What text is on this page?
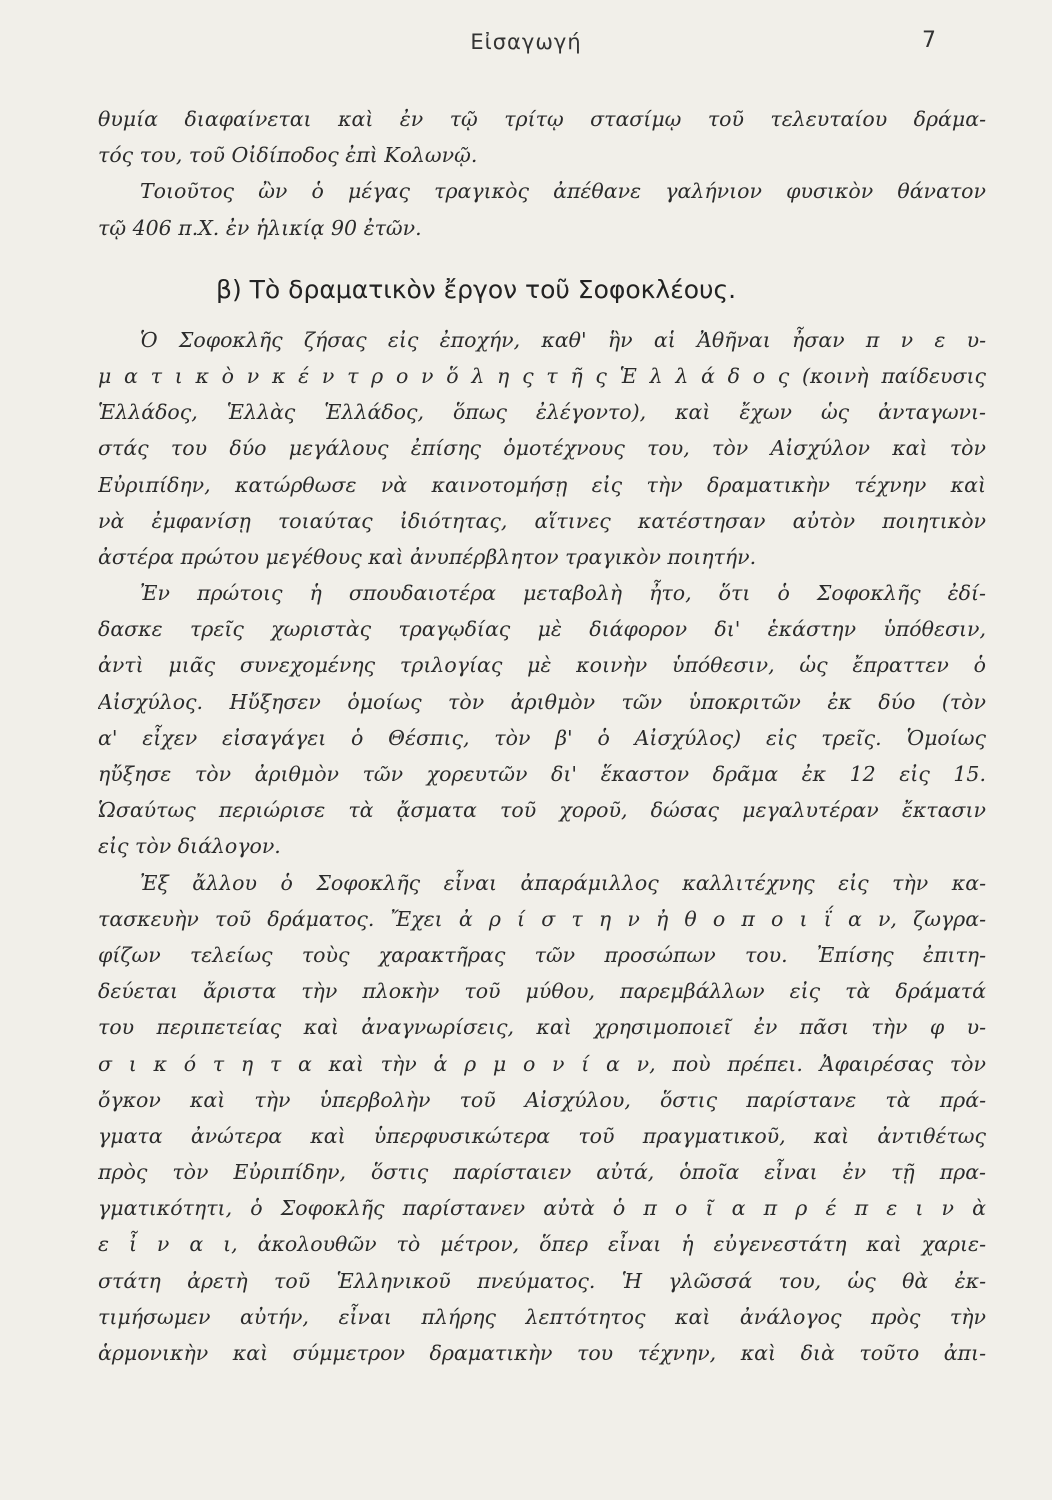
Εἰσαγωγή	7
θυμία διαφαίνεται καὶ ἐν τῷ τρίτῳ στασίμῳ τοῦ τελευταίου δράμα-
τός του, τοῦ Οἰδίποδος ἐπὶ Κολωνῷ.
Τοιοῦτος ὢν ὁ μέγας τραγικὸς ἀπέθανε γαλήνιον φυσικὸν θάνατον
τῷ 406 π.Χ. ἐν ἡλικίᾳ 90 ἐτῶν.
β) Τὸ δραματικὸν ἔργον τοῦ Σοφοκλέους.
Ὁ Σοφοκλῆς ζήσας εἰς ἐποχήν, καθ' ἣν αἱ Ἀθῆναι ἦσαν π ν ε υ-
μ α τ ι κ ὸ ν κ έ ν τ ρ ο ν ὅ λ η ς τ ῆ ς Ἑ λ λ ά δ ο ς (κοινὴ παίδευσις
Ἑλλάδος, Ἑλλὰς Ἑλλάδος, ὅπως ἐλέγοντο), καὶ ἔχων ὡς ἀνταγωνι-
στάς του δύο μεγάλους ἐπίσης ὁμοτέχνους του, τὸν Αἰσχύλον καὶ τὸν
Εὐριπίδην, κατώρθωσε νὰ καινοτομήσῃ εἰς τὴν δραματικὴν τέχνην καὶ
νὰ ἐμφανίσῃ τοιαύτας ἰδιότητας, αἵτινες κατέστησαν αὐτὸν ποιητικὸν
ἀστέρα πρώτου μεγέθους καὶ ἀνυπέρβλητον τραγικὸν ποιητήν.
Ἐν πρώτοις ἡ σπουδαιοτέρα μεταβολὴ ἦτο, ὅτι ὁ Σοφοκλῆς ἐδί-
δασκε τρεῖς χωριστὰς τραγῳδίας μὲ διάφορον δι' ἑκάστην ὑπόθεσιν,
ἀντὶ μιᾶς συνεχομένης τριλογίας μὲ κοινὴν ὑπόθεσιν, ὡς ἔπραττεν ὁ
Αἰσχύλος. Ηὔξησεν ὁμοίως τὸν ἀριθμὸν τῶν ὑποκριτῶν ἐκ δύο (τὸν
α' εἶχεν εἰσαγάγει ὁ Θέσπις, τὸν β' ὁ Αἰσχύλος) εἰς τρεῖς. Ὁμοίως
ηὔξησε τὸν ἀριθμὸν τῶν χορευτῶν δι' ἕκαστον δρᾶμα ἐκ 12 εἰς 15.
Ὡσαύτως περιώρισε τὰ ᾄσματα τοῦ χοροῦ, δώσας μεγαλυτέραν ἔκτασιν
εἰς τὸν διάλογον.
Ἐξ ἄλλου ὁ Σοφοκλῆς εἶναι ἀπαράμιλλος καλλιτέχνης εἰς τὴν κα-
τασκευὴν τοῦ δράματος. Ἔχει ἀ ρ ί σ τ η ν ἠ θ ο π ο ι ΐ α ν, ζωγρα-
φίζων τελείως τοὺς χαρακτῆρας τῶν προσώπων του. Ἐπίσης ἐπιτη-
δεύεται ἄριστα τὴν πλοκὴν τοῦ μύθου, παρεμβάλλων εἰς τὰ δράματά
του περιπετείας καὶ ἀναγνωρίσεις, καὶ χρησιμοποιεῖ ἐν πᾶσι τὴν φ υ-
σ ι κ ό τ η τ α καὶ τὴν ἁ ρ μ ο ν ί α ν, ποὺ πρέπει. Ἀφαιρέσας τὸν
ὄγκον καὶ τὴν ὑπερβολὴν τοῦ Αἰσχύλου, ὅστις παρίστανε τὰ πρά-
γματα ἀνώτερα καὶ ὑπερφυσικώτερα τοῦ πραγματικοῦ, καὶ ἀντιθέτως
πρὸς τὸν Εὐριπίδην, ὅστις παρίσταιεν αὐτά, ὁποῖα εἶναι ἐν τῇ πρα-
γματικότητι, ὁ Σοφοκλῆς παρίστανεν αὐτὰ ὁ π ο ῖ α π ρ έ π ε ι ν ὰ
ε ἶ ν α ι, ἀκολουθῶν τὸ μέτρον, ὅπερ εἶναι ἡ εὐγενεστάτη καὶ χαριε-
στάτη ἀρετὴ τοῦ Ἑλληνικοῦ πνεύματος. Ἡ γλῶσσά του, ὡς θὰ ἐκ-
τιμήσωμεν αὐτήν, εἶναι πλήρης λεπτότητος καὶ ἀνάλογος πρὸς τὴν
ἁρμονικὴν καὶ σύμμετρον δραματικὴν του τέχνην, καὶ διὰ τοῦτο ἀπι-
